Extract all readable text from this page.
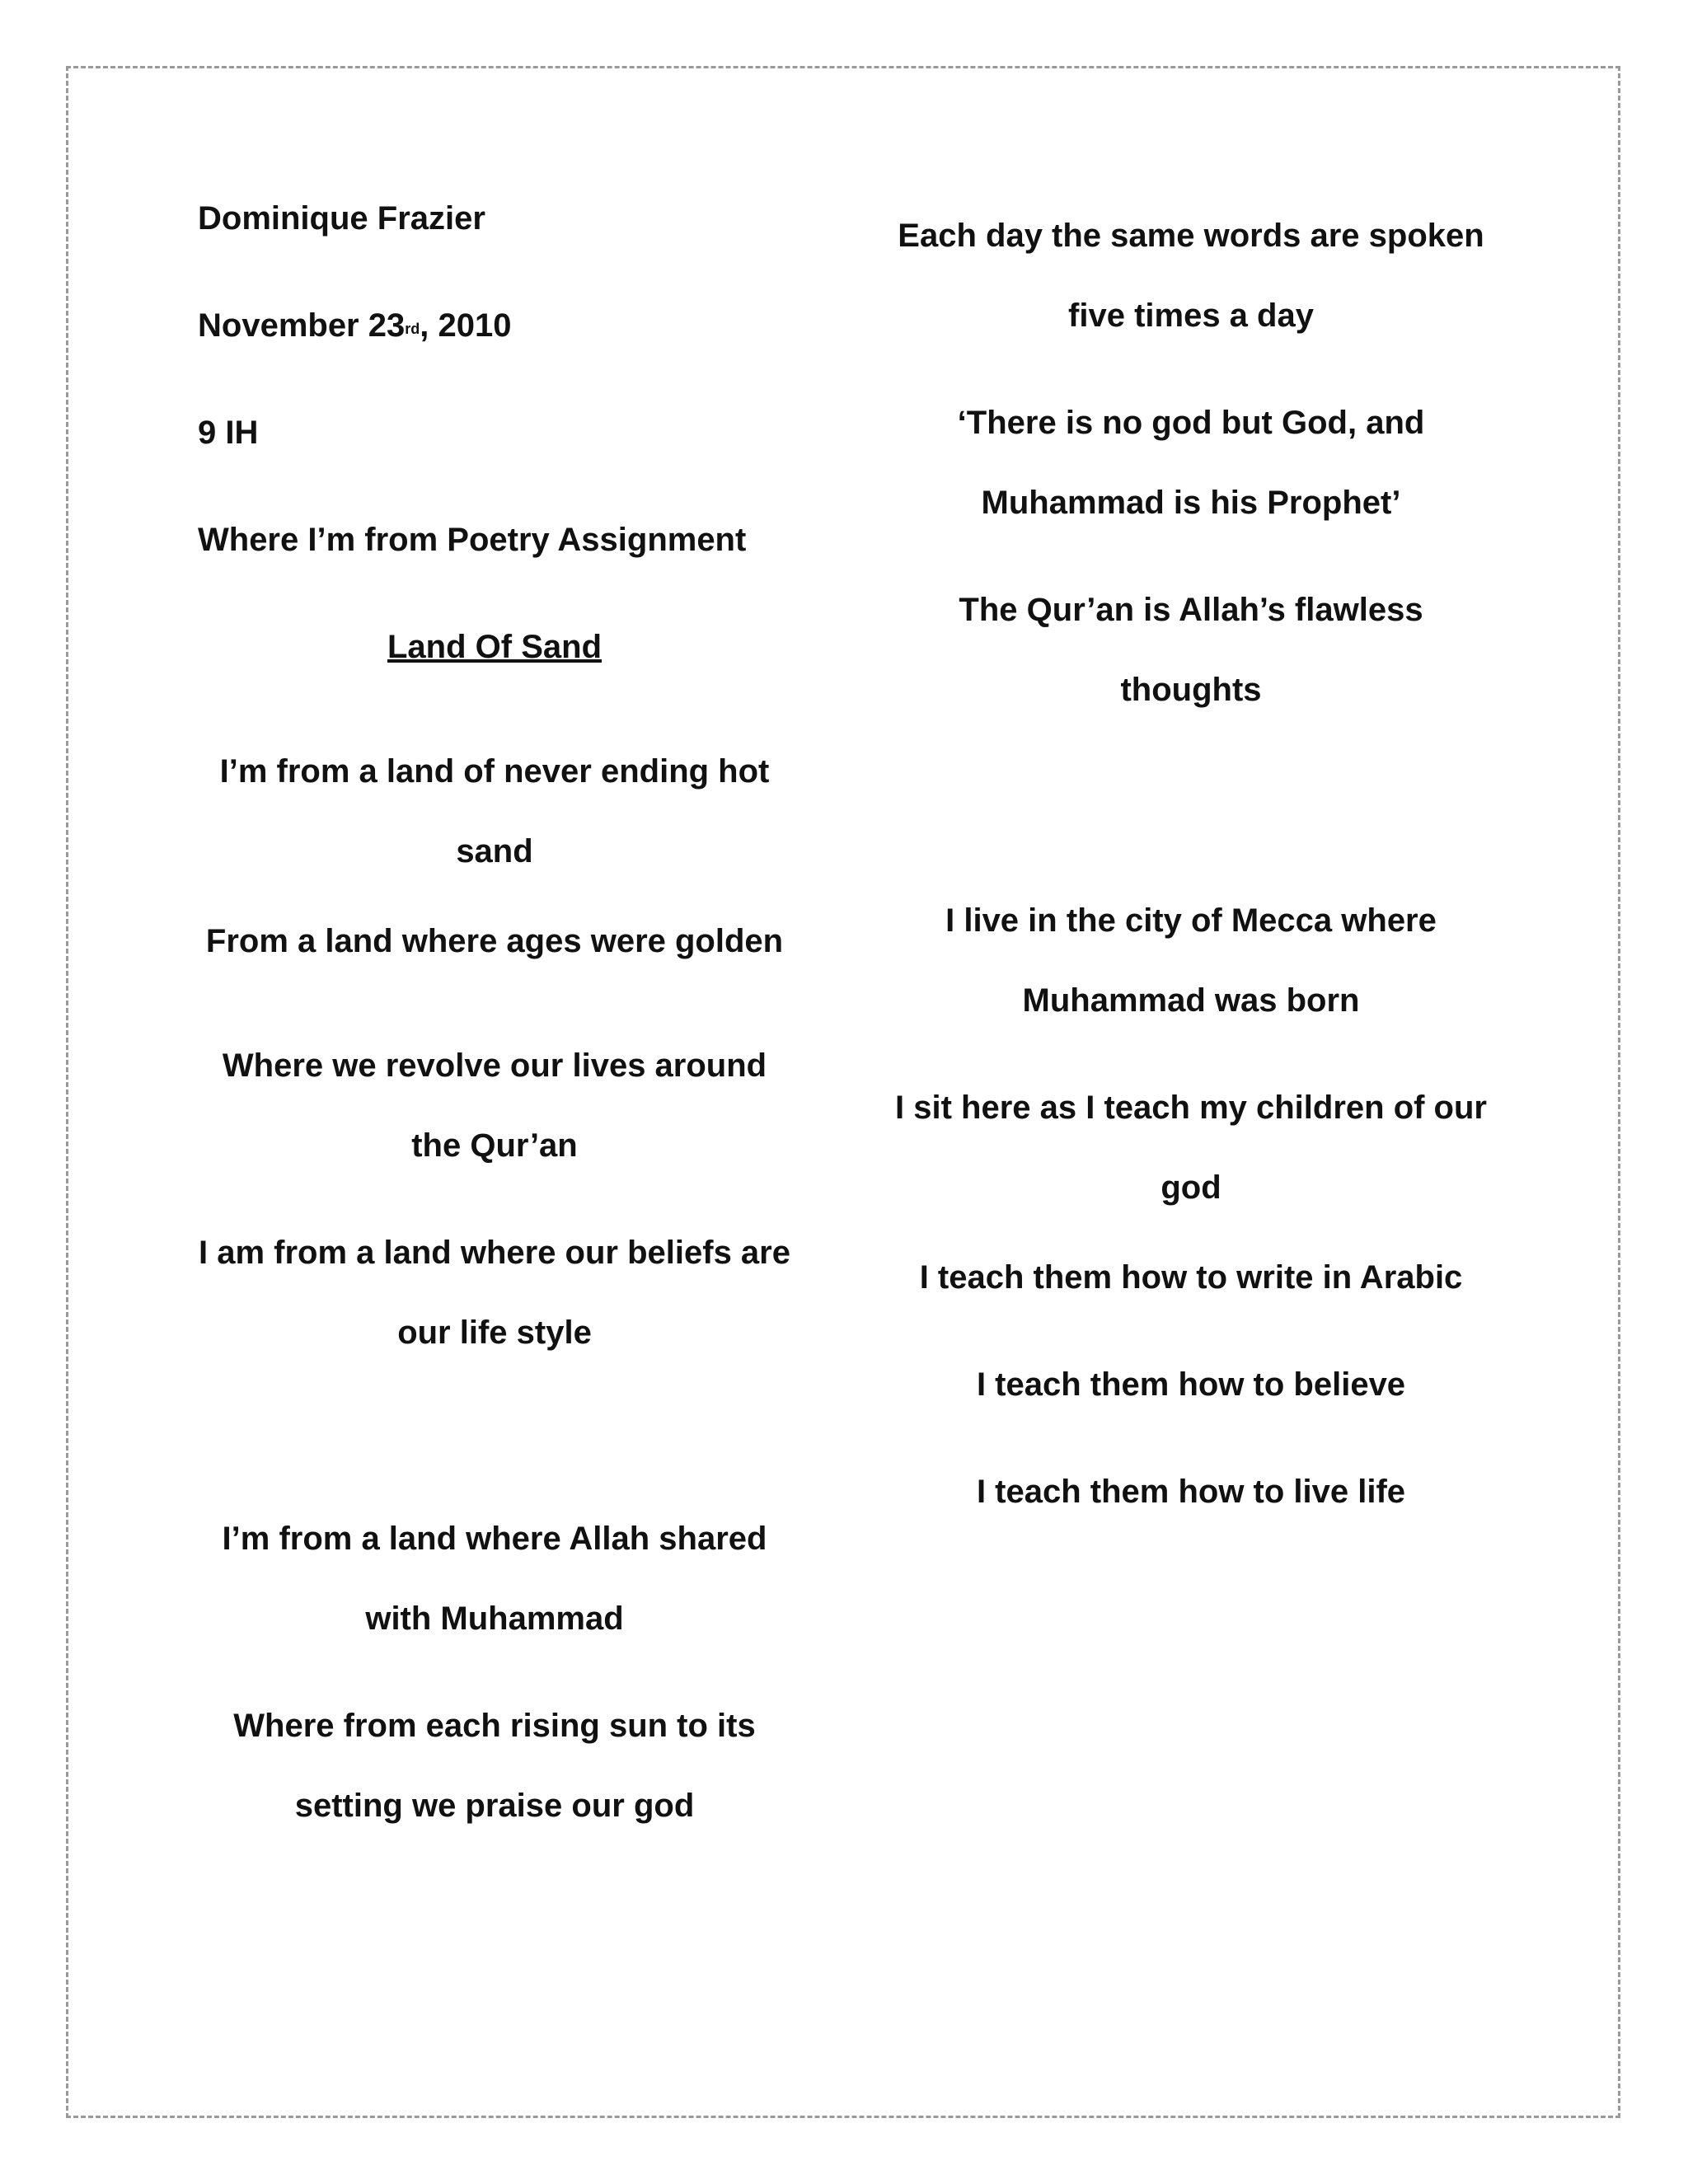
Dominique Frazier
November 23rd, 2010
9 IH
Where I’m from Poetry Assignment
Land Of Sand
I’m from a land of never ending hot sand
From a land where ages were golden
Where we revolve our lives around the Qur’an
I am from a land where our beliefs are our life style
I’m from a land where Allah shared with Muhammad
Where from each rising sun to its setting we praise our god
Each day the same words are spoken five times a day
‘There is no god but God, and Muhammad is his Prophet’
The Qur’an is Allah’s flawless thoughts
I live in the city of Mecca where Muhammad was born
I sit here as I teach my children of our god
I teach them how to write in Arabic
I teach them how to believe
I teach them how to live life
